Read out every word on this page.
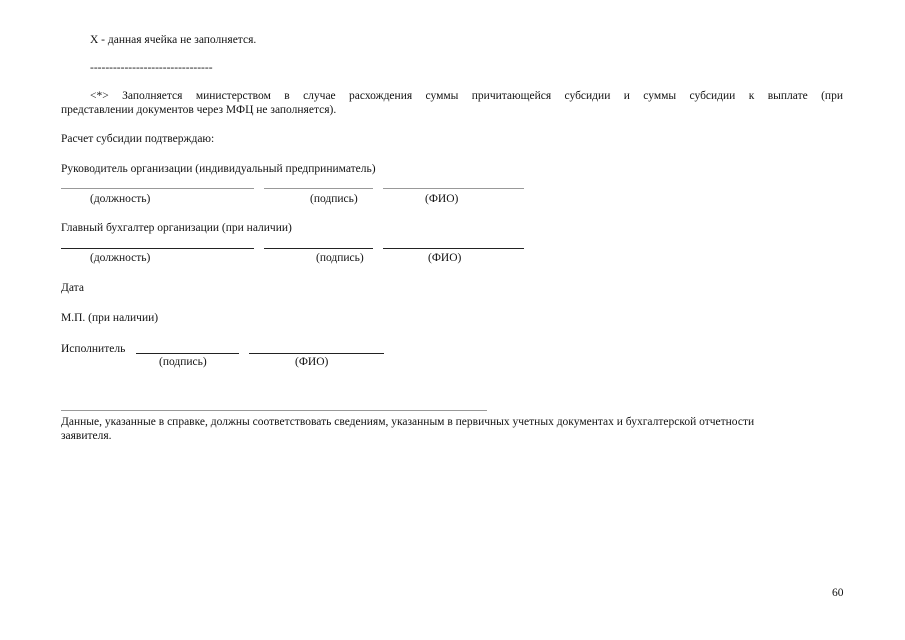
X - данная ячейка не заполняется.
--------------------------------
<*> Заполняется министерством в случае расхождения суммы причитающейся субсидии и суммы субсидии к выплате (при
представлении документов через МФЦ не заполняется).
Расчет субсидии подтверждаю:
Руководитель организации (индивидуальный предприниматель)
(должность)	(подпись)	(ФИО)
Главный бухгалтер организации (при наличии)
(должность)	(подпись)	(ФИО)
Дата
М.П. (при наличии)
Исполнитель
(подпись)	(ФИО)
Данные, указанные в справке, должны соответствовать сведениям, указанным в первичных учетных документах и бухгалтерской отчетности
заявителя.
60
